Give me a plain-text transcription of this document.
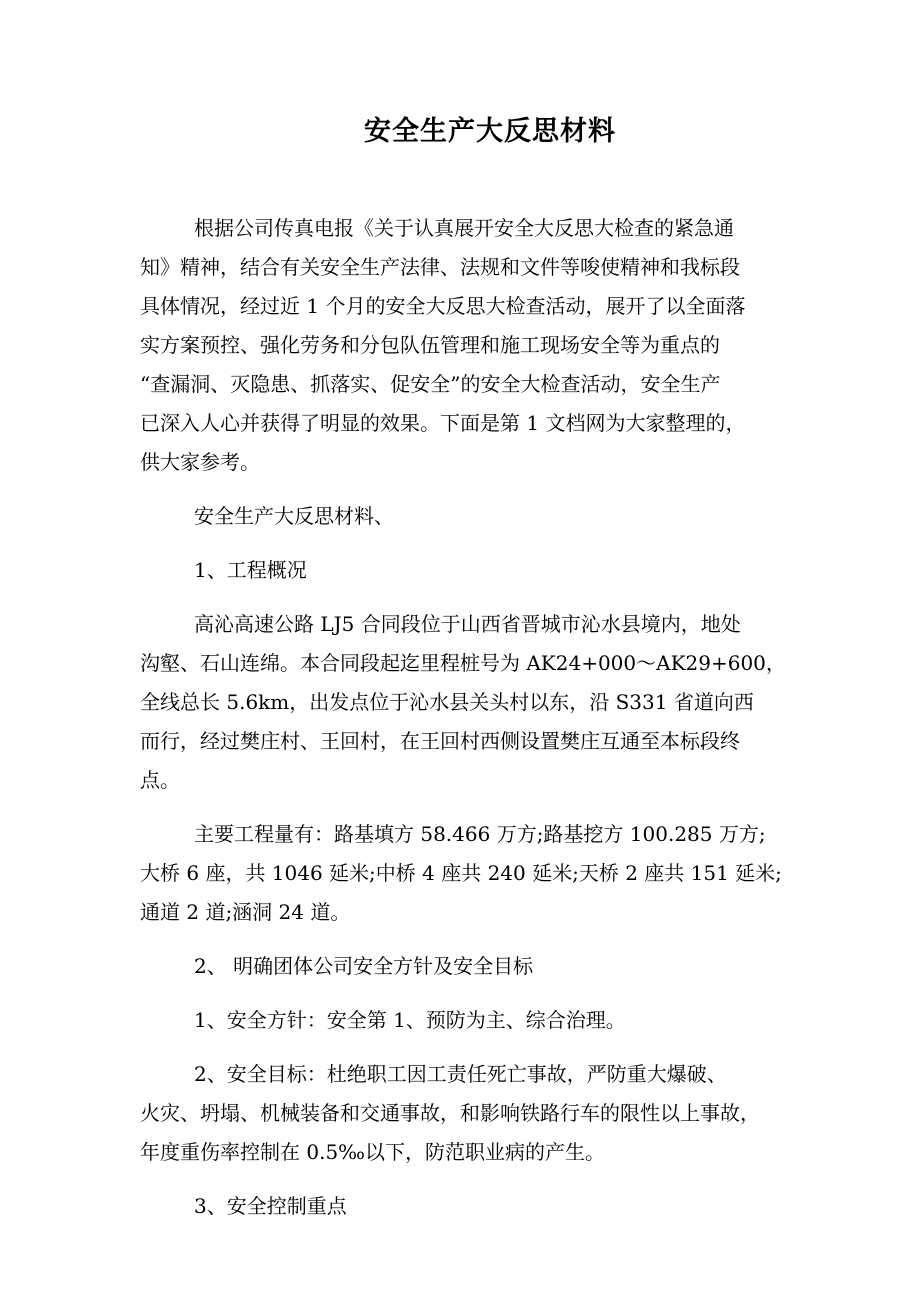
安全生产大反思材料

根据公司传真电报《关于认真展开安全大反思大检查的紧急通
知》精神，结合有关安全生产法律、法规和文件等唆使精神和我标段
具体情况，经过近 1 个月的安全大反思大检查活动，展开了以全面落
实方案预控、强化劳务和分包队伍管理和施工现场安全等为重点的
“查漏洞、灭隐患、抓落实、促安全”的安全大检查活动，安全生产
已深入人心并获得了明显的效果。下面是第 1 文档网为大家整理的，
供大家参考。

安全生产大反思材料、

1、工程概况

高沁高速公路 LJ5 合同段位于山西省晋城市沁水县境内，地处
沟壑、石山连绵。本合同段起迄里程桩号为 AK24+000～AK29+600，
全线总长 5.6km，出发点位于沁水县关头村以东，沿 S331 省道向西
而行，经过樊庄村、王回村，在王回村西侧设置樊庄互通至本标段终
点。

主要工程量有：路基填方 58.466 万方;路基挖方 100.285 万方;
大桥 6 座，共 1046 延米;中桥 4 座共 240 延米;天桥 2 座共 151 延米;
通道 2 道;涵洞 24 道。

2、 明确团体公司安全方针及安全目标

1、安全方针：安全第 1、预防为主、综合治理。

2、安全目标：杜绝职工因工责任死亡事故，严防重大爆破、
火灾、坍塌、机械装备和交通事故，和影响铁路行车的限性以上事故，
年度重伤率控制在 0.5‰以下，防范职业病的产生。

3、安全控制重点
